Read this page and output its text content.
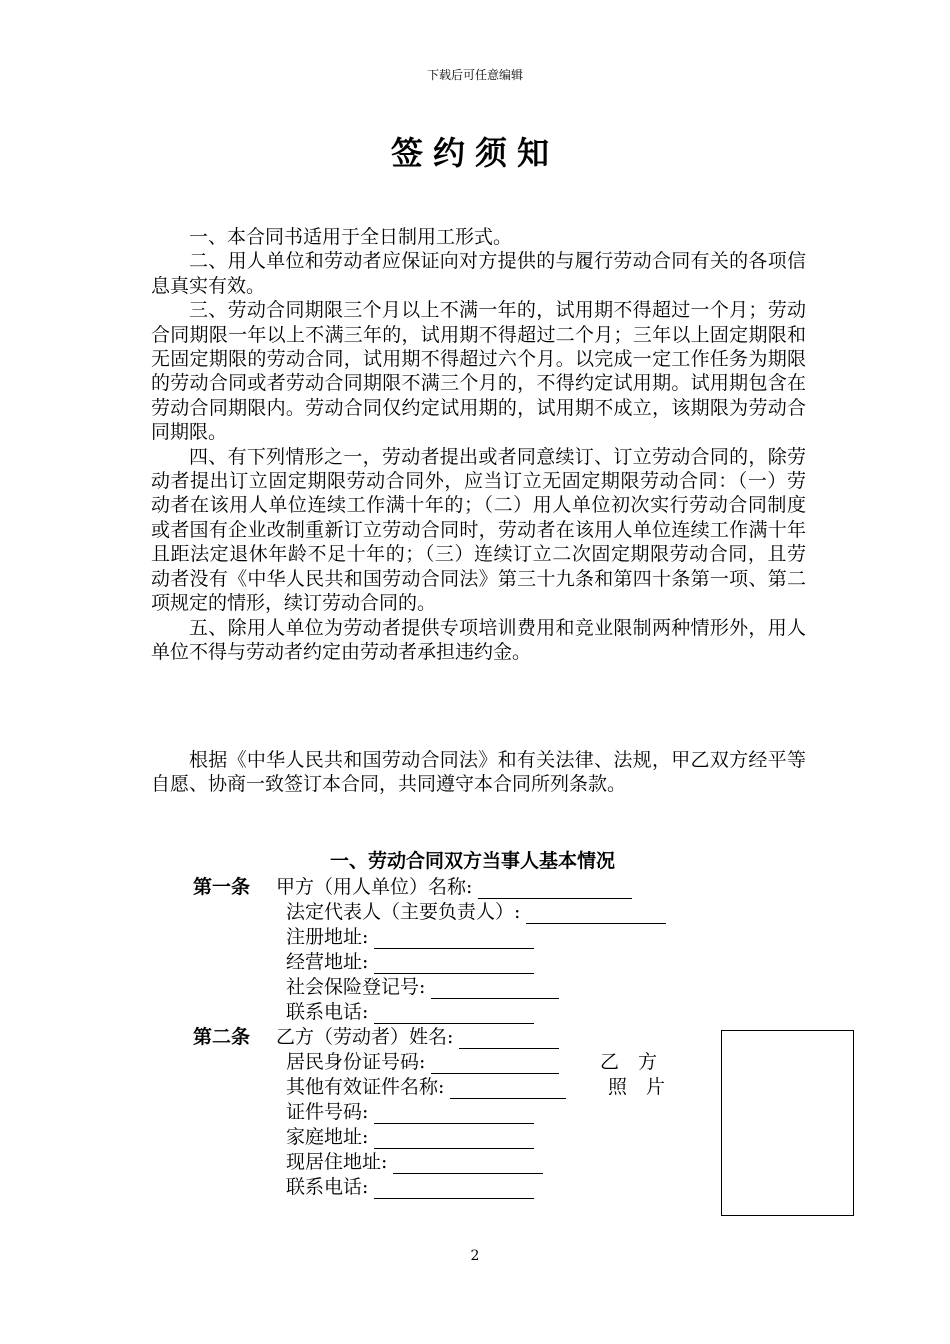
下载后可任意编辑
签约须知

一、本合同书适用于全日制用工形式。

二、用人单位和劳动者应保证向对方提供的与履行劳动合同有关的各项信息真实有效。

三、劳动合同期限三个月以上不满一年的，试用期不得超过一个月；劳动合同期限一年以上不满三年的，试用期不得超过二个月；三年以上固定期限和无固定期限的劳动合同，试用期不得超过六个月。以完成一定工作任务为期限的劳动合同或者劳动合同期限不满三个月的，不得约定试用期。试用期包含在劳动合同期限内。劳动合同仅约定试用期的，试用期不成立，该期限为劳动合同期限。

四、有下列情形之一，劳动者提出或者同意续订、订立劳动合同的，除劳动者提出订立固定期限劳动合同外，应当订立无固定期限劳动合同：（一）劳动者在该用人单位连续工作满十年的；（二）用人单位初次实行劳动合同制度或者国有企业改制重新订立劳动合同时，劳动者在该用人单位连续工作满十年且距法定退休年龄不足十年的；（三）连续订立二次固定期限劳动合同，且劳动者没有《中华人民共和国劳动合同法》第三十九条和第四十条第一项、第二项规定的情形，续订劳动合同的。

五、除用人单位为劳动者提供专项培训费用和竞业限制两种情形外，用人单位不得与劳动者约定由劳动者承担违约金。

根据《中华人民共和国劳动合同法》和有关法律、法规，甲乙双方经平等自愿、协商一致签订本合同，共同遵守本合同所列条款。

一、劳动合同双方当事人基本情况
第一条 甲方（用人单位）名称:
法定代表人（主要负责人）:
注册地址:
经营地址:
社会保险登记号:
联系电话:
第二条 乙方（劳动者）姓名:
居民身份证号码:
其他有效证件名称:
证件号码:
家庭地址:
现居住地址:
联系电话:
乙　方
照　片
2
